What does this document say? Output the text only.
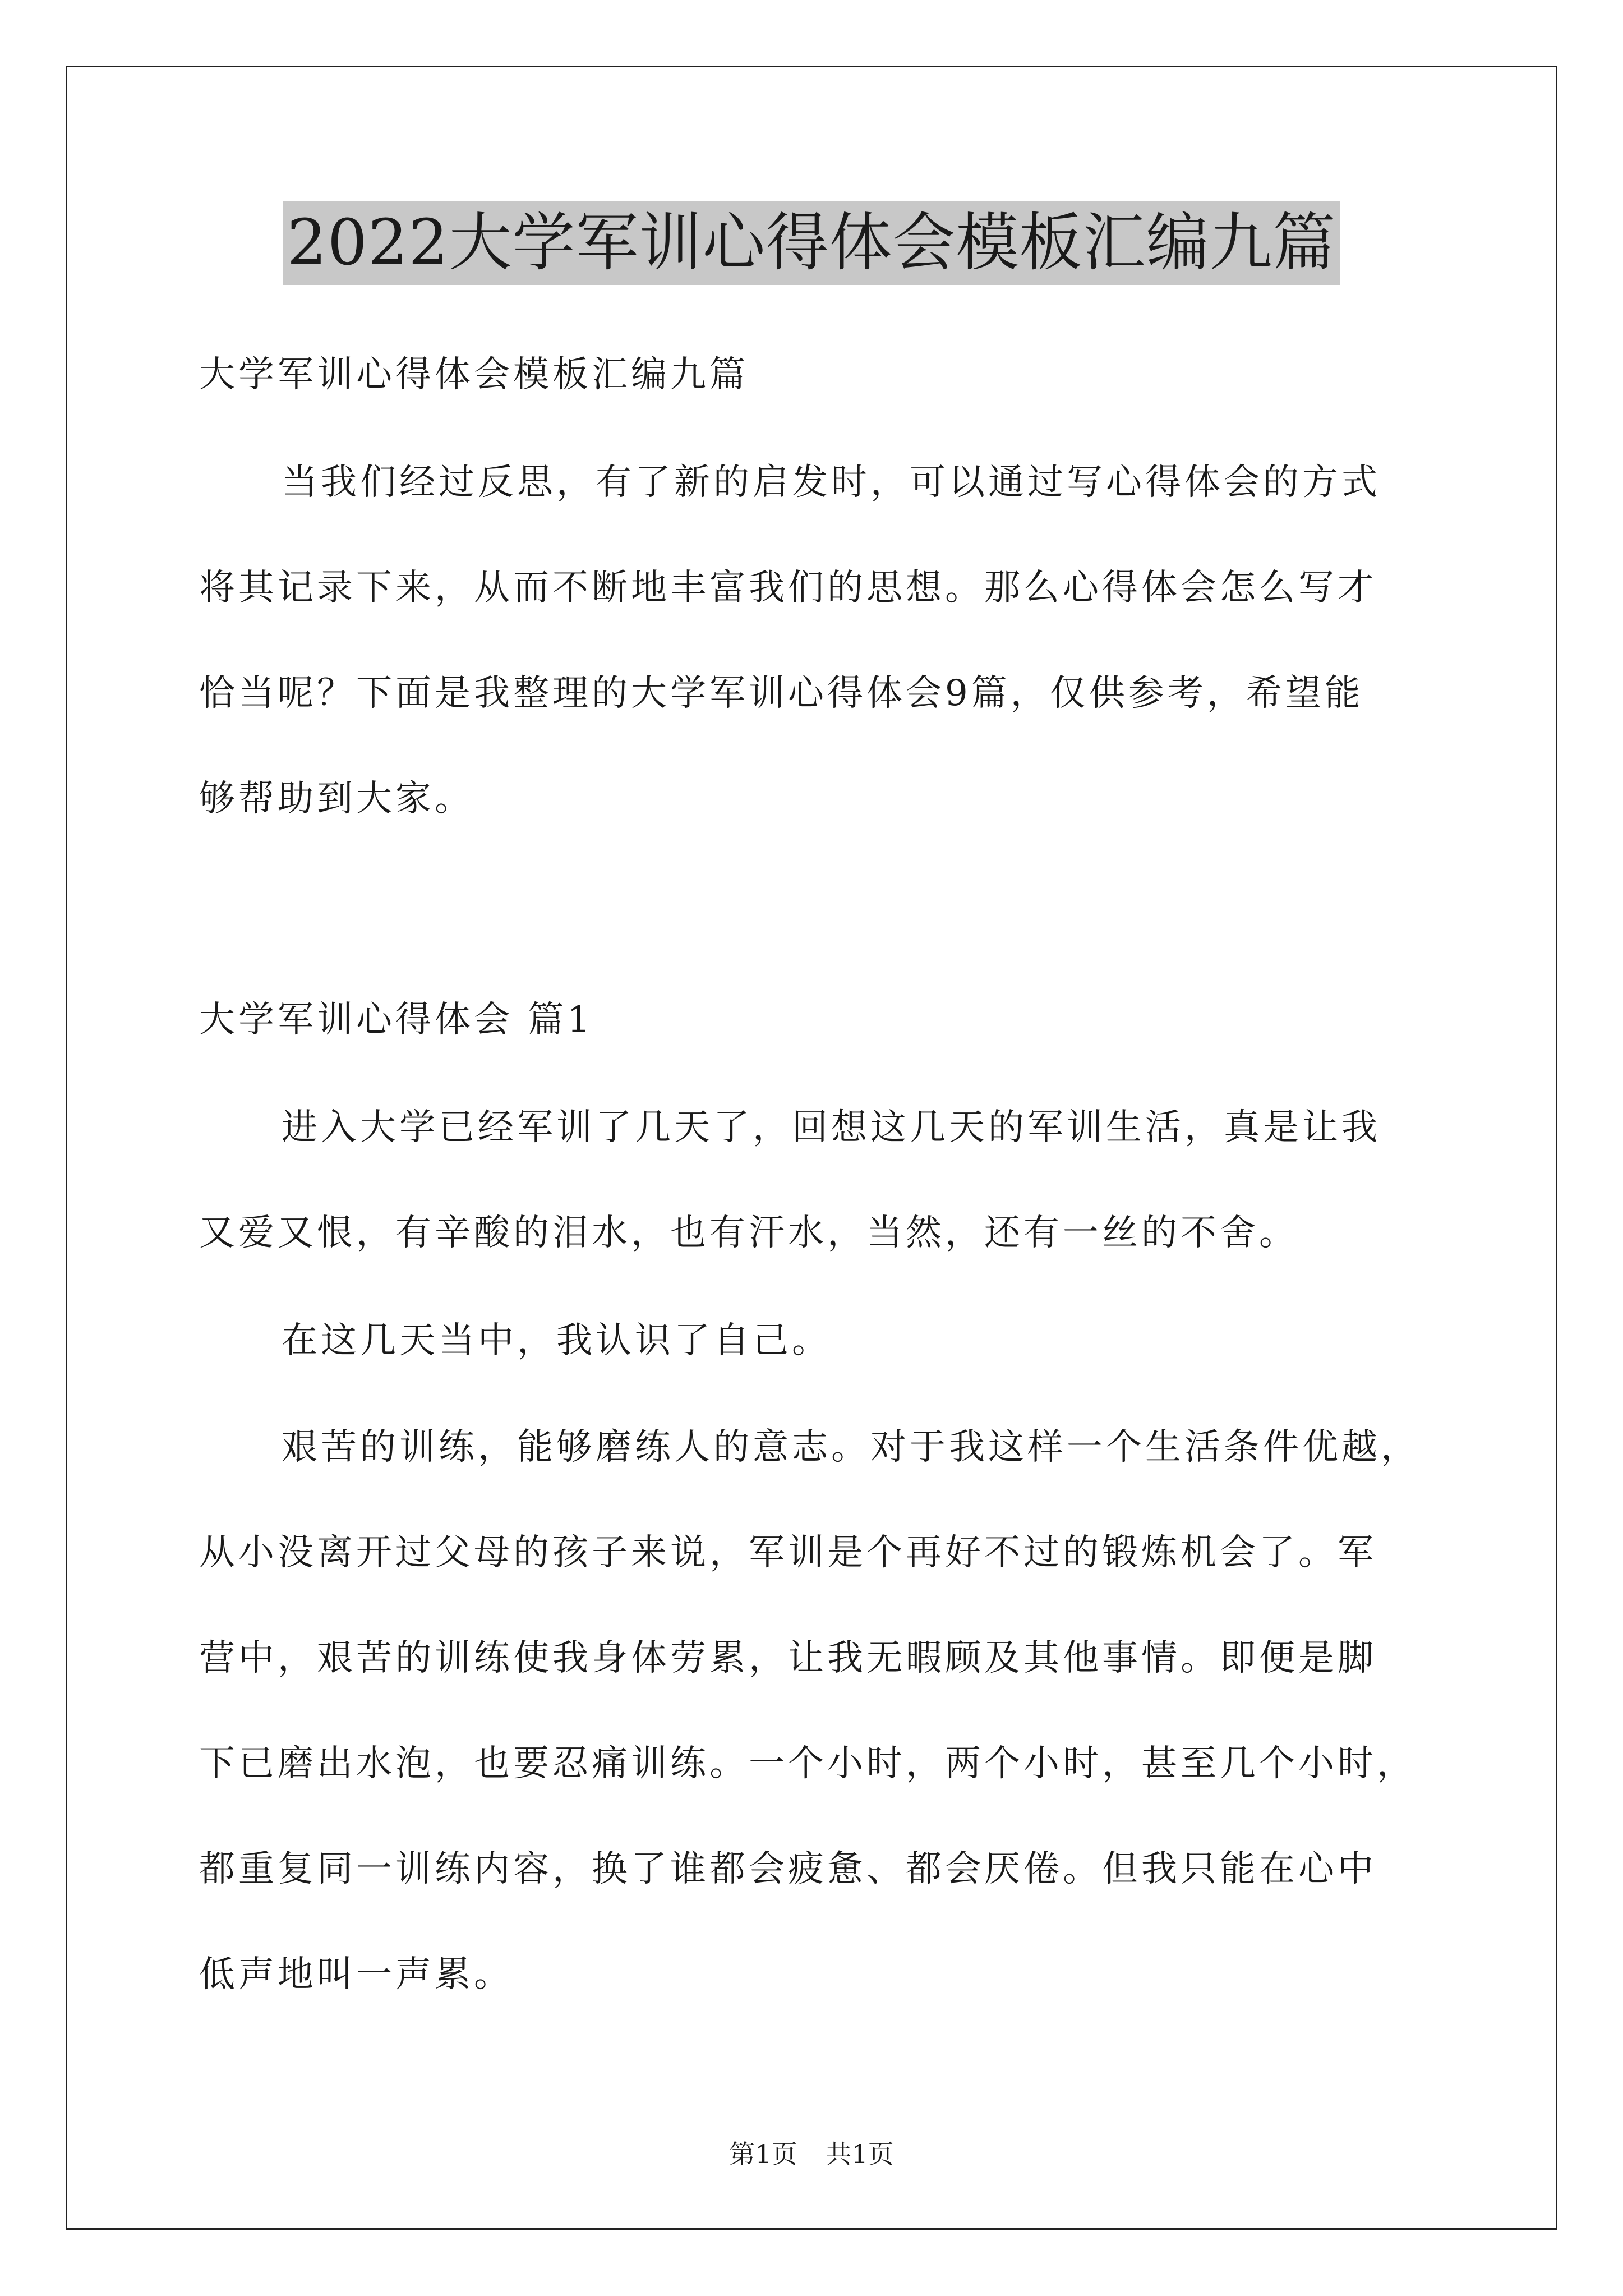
2022大学军训心得体会模板汇编九篇
大学军训心得体会模板汇编九篇
当我们经过反思，有了新的启发时，可以通过写心得体会的方式
将其记录下来，从而不断地丰富我们的思想。那么心得体会怎么写才
恰当呢？下面是我整理的大学军训心得体会9篇，仅供参考，希望能
够帮助到大家。
大学军训心得体会 篇1
进入大学已经军训了几天了，回想这几天的军训生活，真是让我
又爱又恨，有辛酸的泪水，也有汗水，当然，还有一丝的不舍。
在这几天当中，我认识了自己。
艰苦的训练，能够磨练人的意志。对于我这样一个生活条件优越，
从小没离开过父母的孩子来说，军训是个再好不过的锻炼机会了。军
营中，艰苦的训练使我身体劳累，让我无暇顾及其他事情。即便是脚
下已磨出水泡，也要忍痛训练。一个小时，两个小时，甚至几个小时，
都重复同一训练内容，换了谁都会疲惫、都会厌倦。但我只能在心中
低声地叫一声累。
第1页 共1页
